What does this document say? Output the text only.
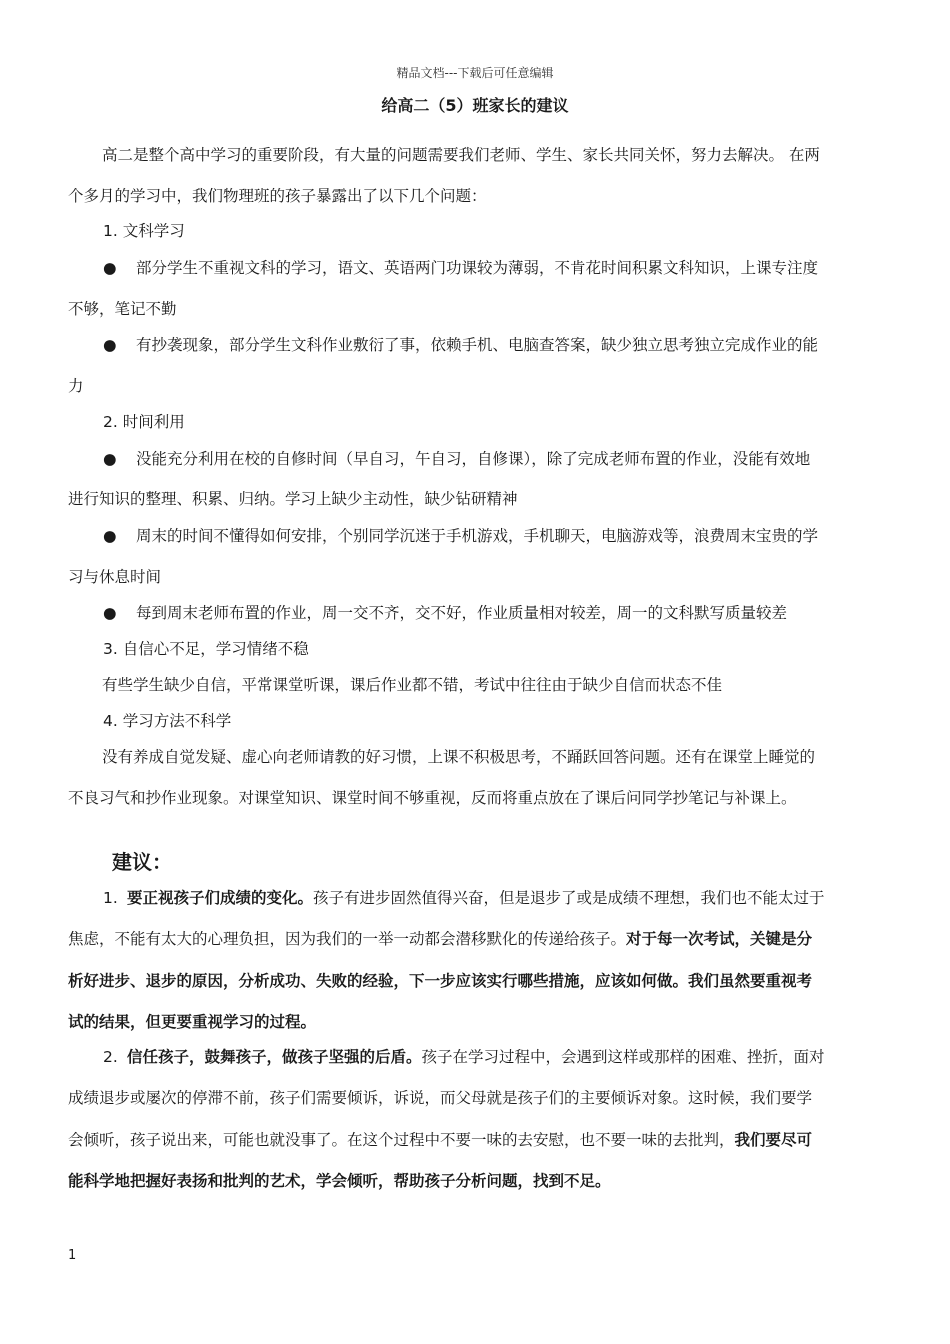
精品文档---下载后可任意编辑
给高二（5）班家长的建议
高二是整个高中学习的重要阶段，有大量的问题需要我们老师、学生、家长共同关怀，努力去解决。 在两
个多月的学习中，我们物理班的孩子暴露出了以下几个问题：
1. 文科学习
● 部分学生不重视文科的学习，语文、英语两门功课较为薄弱，不肯花时间积累文科知识，上课专注度
不够，笔记不勤
● 有抄袭现象，部分学生文科作业敷衍了事，依赖手机、电脑查答案，缺少独立思考独立完成作业的能
力
2. 时间利用
● 没能充分利用在校的自修时间（早自习，午自习，自修课），除了完成老师布置的作业，没能有效地
进行知识的整理、积累、归纳。学习上缺少主动性，缺少钻研精神
● 周末的时间不懂得如何安排，个别同学沉迷于手机游戏，手机聊天，电脑游戏等，浪费周末宝贵的学
习与休息时间
● 每到周末老师布置的作业，周一交不齐，交不好，作业质量相对较差，周一的文科默写质量较差
3. 自信心不足，学习情绪不稳
有些学生缺少自信，平常课堂听课，课后作业都不错，考试中往往由于缺少自信而状态不佳
4. 学习方法不科学
没有养成自觉发疑、虚心向老师请教的好习惯，上课不积极思考，不踊跃回答问题。还有在课堂上睡觉的
不良习气和抄作业现象。对课堂知识、课堂时间不够重视，反而将重点放在了课后问同学抄笔记与补课上。
建议：
1. 要正视孩子们成绩的变化。孩子有进步固然值得兴奋，但是退步了或是成绩不理想，我们也不能太过于
焦虑，不能有太大的心理负担，因为我们的一举一动都会潜移默化的传递给孩子。对于每一次考试，关键是分
析好进步、退步的原因，分析成功、失败的经验，下一步应该实行哪些措施，应该如何做。我们虽然要重视考
试的结果，但更要重视学习的过程。
2. 信任孩子，鼓舞孩子，做孩子坚强的后盾。孩子在学习过程中，会遇到这样或那样的困难、挫折，面对
成绩退步或屡次的停滞不前，孩子们需要倾诉，诉说，而父母就是孩子们的主要倾诉对象。这时候，我们要学
会倾听，孩子说出来，可能也就没事了。在这个过程中不要一味的去安慰，也不要一味的去批判，我们要尽可
能科学地把握好表扬和批判的艺术，学会倾听，帮助孩子分析问题，找到不足。
1
